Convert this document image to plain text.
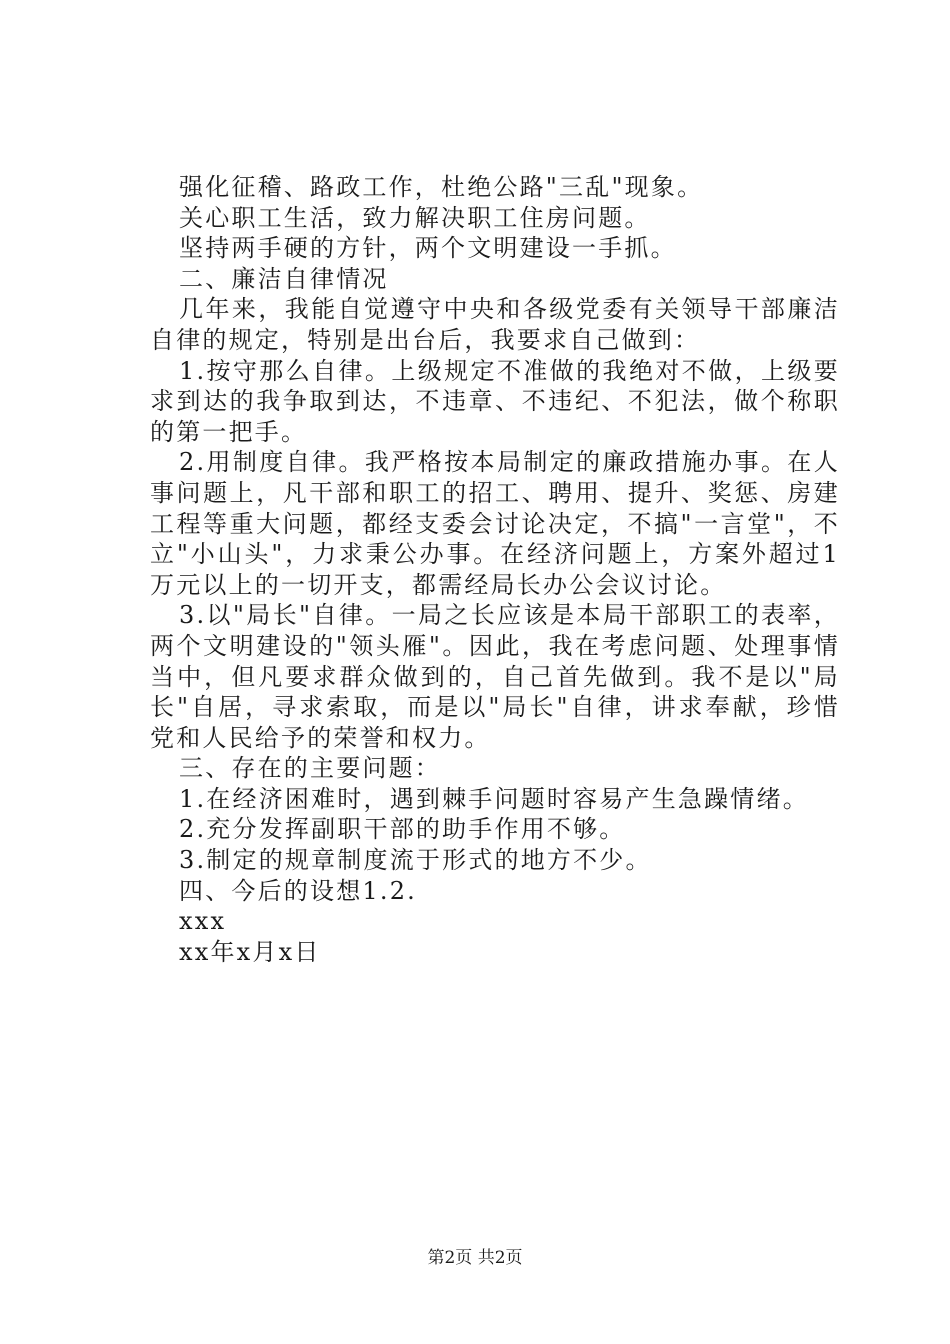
强化征稽、路政工作，杜绝公路"三乱"现象。

关心职工生活，致力解决职工住房问题。

坚持两手硬的方针，两个文明建设一手抓。

二、廉洁自律情况

几年来，我能自觉遵守中央和各级党委有关领导干部廉洁自律的规定，特别是出台后，我要求自己做到：

1.按守那么自律。上级规定不准做的我绝对不做，上级要求到达的我争取到达，不违章、不违纪、不犯法，做个称职的第一把手。

2.用制度自律。我严格按本局制定的廉政措施办事。在人事问题上，凡干部和职工的招工、聘用、提升、奖惩、房建工程等重大问题，都经支委会讨论决定，不搞"一言堂"，不立"小山头"，力求秉公办事。在经济问题上，方案外超过1万元以上的一切开支，都需经局长办公会议讨论。

3.以"局长"自律。一局之长应该是本局干部职工的表率，两个文明建设的"领头雁"。因此，我在考虑问题、处理事情当中，但凡要求群众做到的，自己首先做到。我不是以"局长"自居，寻求索取，而是以"局长"自律，讲求奉献，珍惜党和人民给予的荣誉和权力。

三、存在的主要问题：

1.在经济困难时，遇到棘手问题时容易产生急躁情绪。

2.充分发挥副职干部的助手作用不够。

3.制定的规章制度流于形式的地方不少。

四、今后的设想1.2.

xxx

xx年x月x日

第2页 共2页
